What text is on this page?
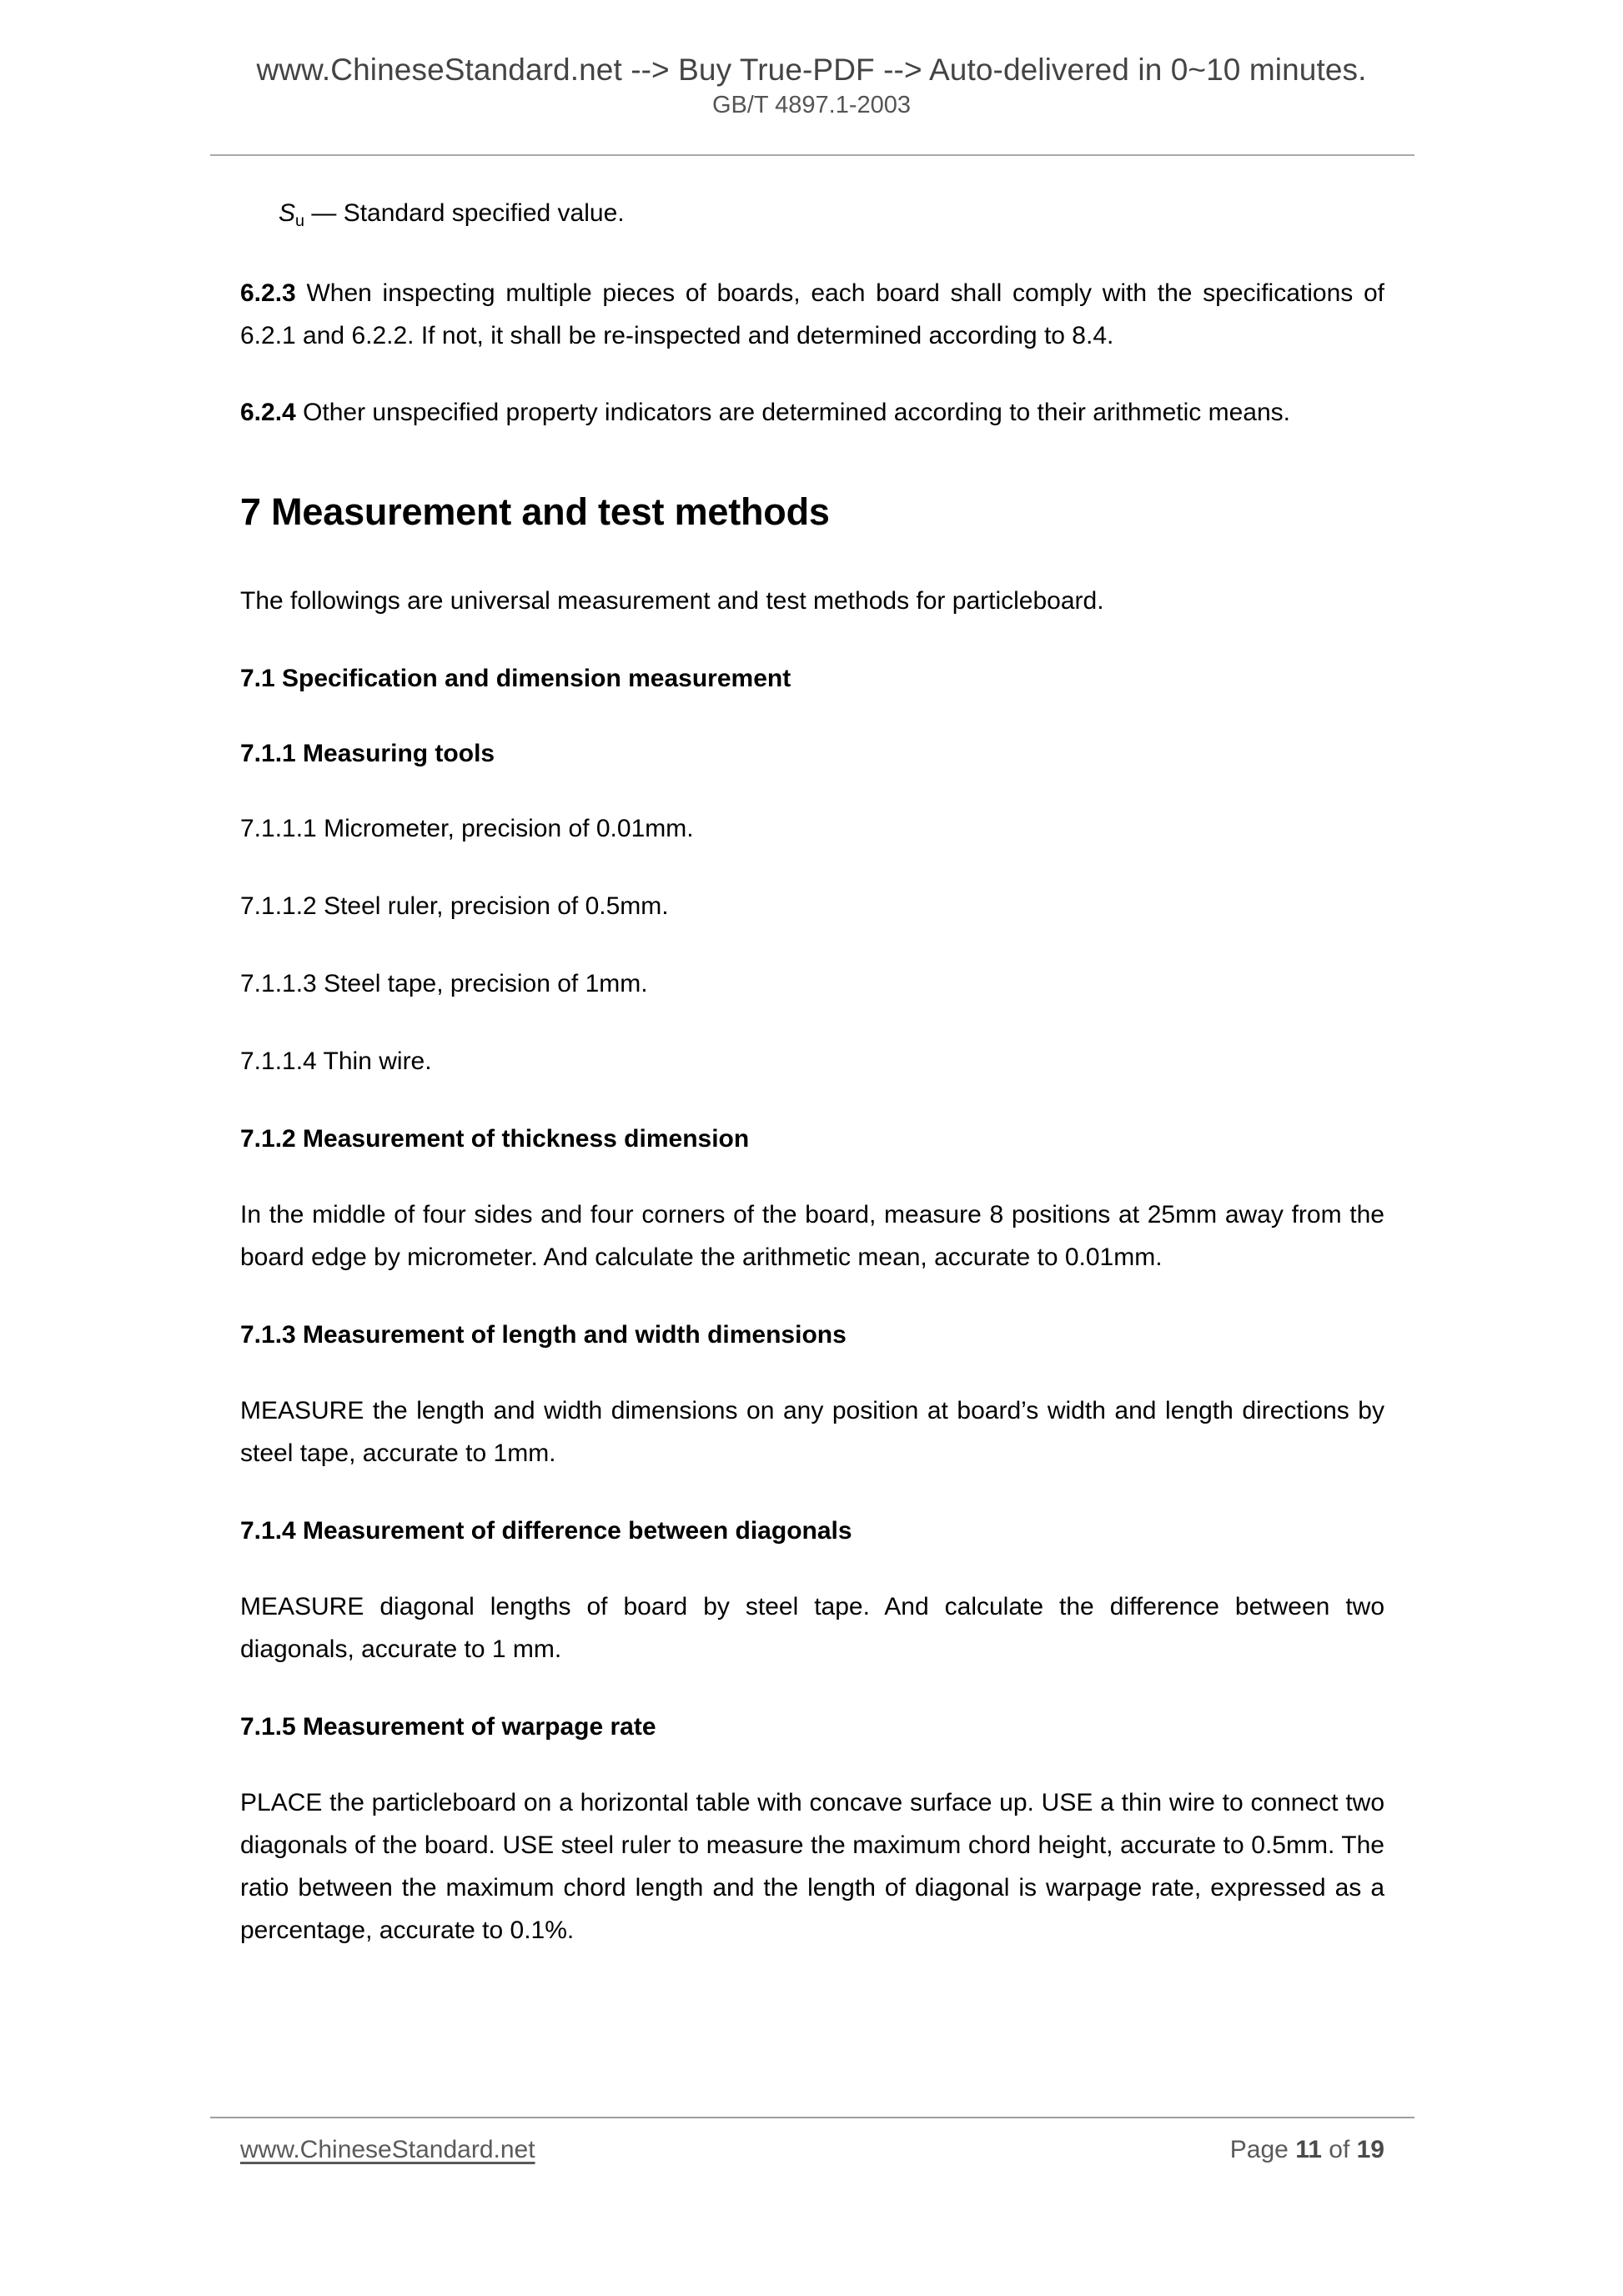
www.ChineseStandard.net --> Buy True-PDF --> Auto-delivered in 0~10 minutes.
GB/T 4897.1-2003

$S_u$ — Standard specified value.

6.2.3 When inspecting multiple pieces of boards, each board shall comply with the specifications of 6.2.1 and 6.2.2. If not, it shall be re-inspected and determined according to 8.4.

6.2.4 Other unspecified property indicators are determined according to their arithmetic means.

7 Measurement and test methods

The followings are universal measurement and test methods for particleboard.

7.1 Specification and dimension measurement
7.1.1 Measuring tools

7.1.1.1 Micrometer, precision of 0.01mm.

7.1.1.2 Steel ruler, precision of 0.5mm.

7.1.1.3 Steel tape, precision of 1mm.

7.1.1.4 Thin wire.

7.1.2 Measurement of thickness dimension

In the middle of four sides and four corners of the board, measure 8 positions at 25mm away from the board edge by micrometer. And calculate the arithmetic mean, accurate to 0.01mm.

7.1.3 Measurement of length and width dimensions

MEASURE the length and width dimensions on any position at board’s width and length directions by steel tape, accurate to 1mm.

7.1.4 Measurement of difference between diagonals

MEASURE diagonal lengths of board by steel tape. And calculate the difference between two diagonals, accurate to 1 mm.

7.1.5 Measurement of warpage rate

PLACE the particleboard on a horizontal table with concave surface up. USE a thin wire to connect two diagonals of the board. USE steel ruler to measure the maximum chord height, accurate to 0.5mm. The ratio between the maximum chord length and the length of diagonal is warpage rate, expressed as a percentage, accurate to 0.1%.

www.ChineseStandard.net	Page 11 of 19
